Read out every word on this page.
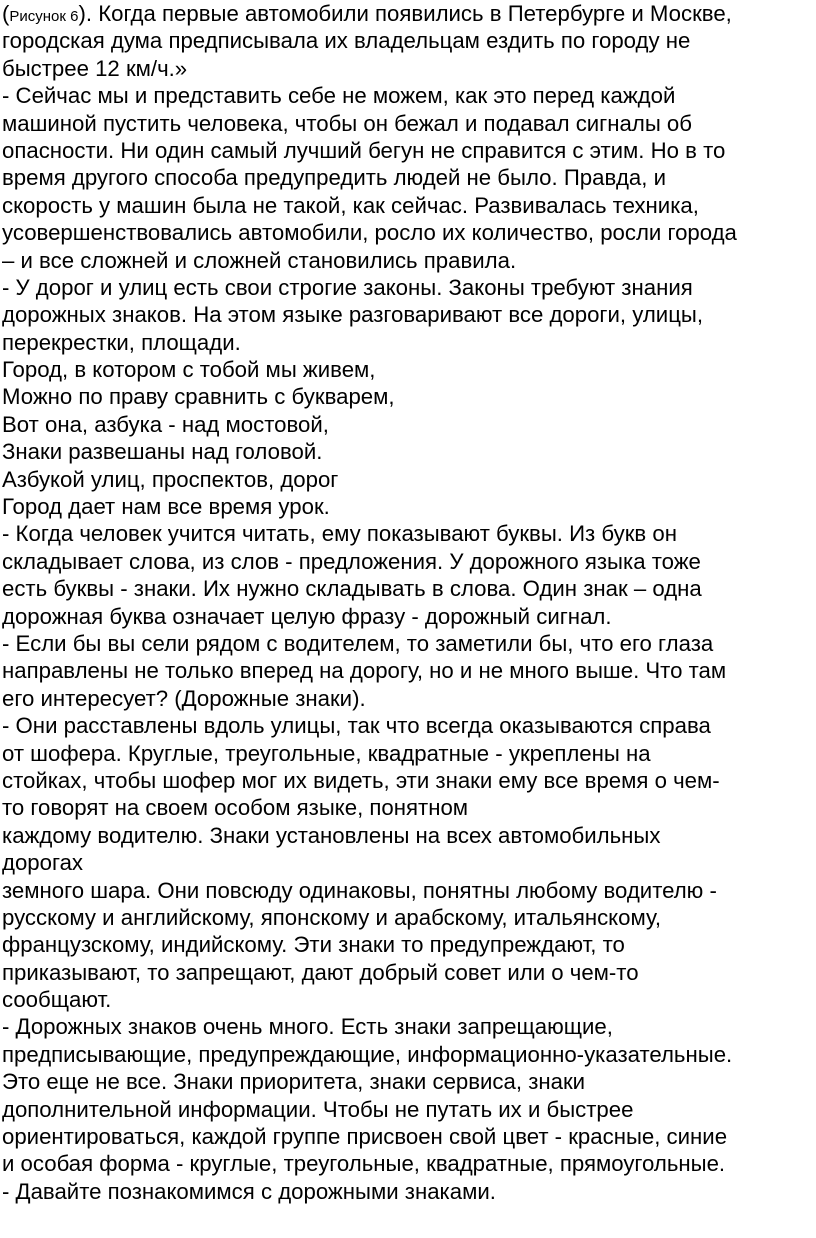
(Рисунок 6). Когда первые автомобили появились в Петербурге и Москве,
городская дума предписывала их владельцам ездить по городу не
быстрее 12 км/ч.»
- Сейчас мы и представить себе не можем, как это перед каждой
машиной пустить человека, чтобы он бежал и подавал сигналы об
опасности. Ни один самый лучший бегун не справится с этим. Но в то
время другого способа предупредить людей не было. Правда, и
скорость у машин была не такой, как сейчас. Развивалась техника,
усовершенствовались автомобили, росло их количество, росли города
– и все сложней и сложней становились правила.
- У дорог и улиц есть свои строгие законы. Законы требуют знания
дорожных знаков. На этом языке разговаривают все дороги, улицы,
перекрестки, площади.
Город, в котором с тобой мы живем,
Можно по праву сравнить с букварем,
Вот она, азбука - над мостовой,
Знаки развешаны над головой.
Азбукой улиц, проспектов, дорог
Город дает нам все время урок.
- Когда человек учится читать, ему показывают буквы. Из букв он
складывает слова, из слов - предложения. У дорожного языка тоже
есть буквы - знаки. Их нужно складывать в слова. Один знак – одна
дорожная буква означает целую фразу - дорожный сигнал.
- Если бы вы сели рядом с водителем, то заметили бы, что его глаза
направлены не только вперед на дорогу, но и не много выше. Что там
его интересует? (Дорожные знаки).
- Они расставлены вдоль улицы, так что всегда оказываются справа
от шофера. Круглые, треугольные, квадратные - укреплены на
стойках, чтобы шофер мог их видеть, эти знаки ему все время о чем-
то говорят на своем особом языке, понятном
каждому водителю. Знаки установлены на всех автомобильных
дорогах
земного шара. Они повсюду одинаковы, понятны любому водителю -
русскому и английскому, японскому и арабскому, итальянскому,
французскому, индийскому. Эти знаки то предупреждают, то
приказывают, то запрещают, дают добрый совет или о чем-то
сообщают.
- Дорожных знаков очень много. Есть знаки запрещающие,
предписывающие, предупреждающие, информационно-указательные.
Это еще не все. Знаки приоритета, знаки сервиса, знаки
дополнительной информации. Чтобы не путать их и быстрее
ориентироваться, каждой группе присвоен свой цвет - красные, синие
и особая форма - круглые, треугольные, квадратные, прямоугольные.
- Давайте познакомимся с дорожными знаками.
